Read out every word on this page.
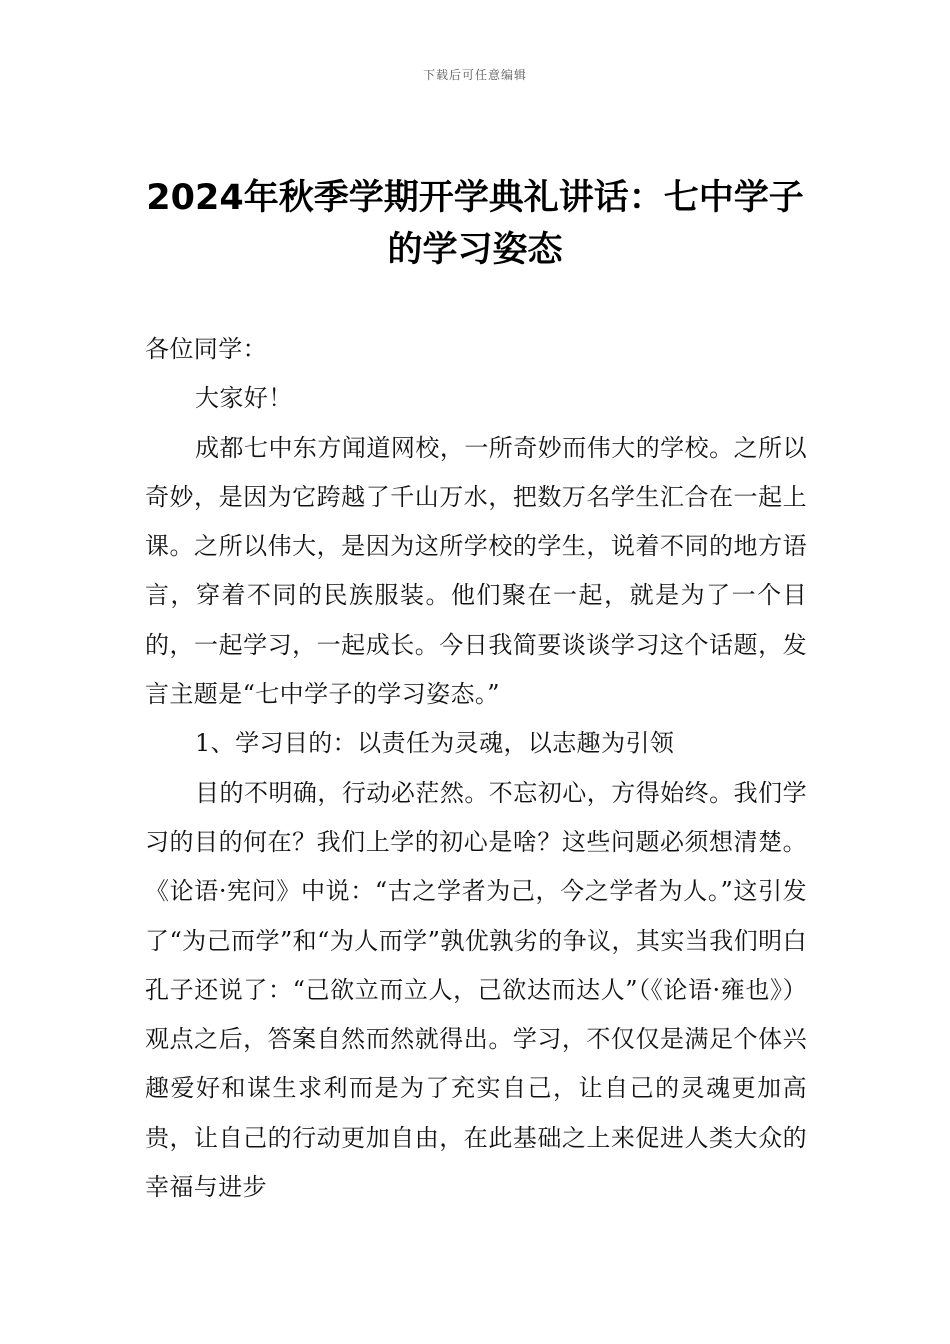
下载后可任意编辑
2024年秋季学期开学典礼讲话：七中学子
的学习姿态

各位同学：

大家好！

成都七中东方闻道网校，一所奇妙而伟大的学校。之所以奇妙，是因为它跨越了千山万水，把数万名学生汇合在一起上课。之所以伟大，是因为这所学校的学生，说着不同的地方语言，穿着不同的民族服装。他们聚在一起，就是为了一个目的，一起学习，一起成长。今日我简要谈谈学习这个话题，发言主题是“七中学子的学习姿态。”

1、学习目的：以责任为灵魂，以志趣为引领

目的不明确，行动必茫然。不忘初心，方得始终。我们学习的目的何在？我们上学的初心是啥？这些问题必须想清楚。《论语·宪问》中说：“古之学者为己，今之学者为人。”这引发了“为己而学”和“为人而学”孰优孰劣的争议，其实当我们明白孔子还说了：“己欲立而立人，己欲达而达人”（《论语·雍也》）观点之后，答案自然而然就得出。学习，不仅仅是满足个体兴趣爱好和谋生求利而是为了充实自己，让自己的灵魂更加高贵，让自己的行动更加自由，在此基础之上来促进人类大众的幸福与进步
